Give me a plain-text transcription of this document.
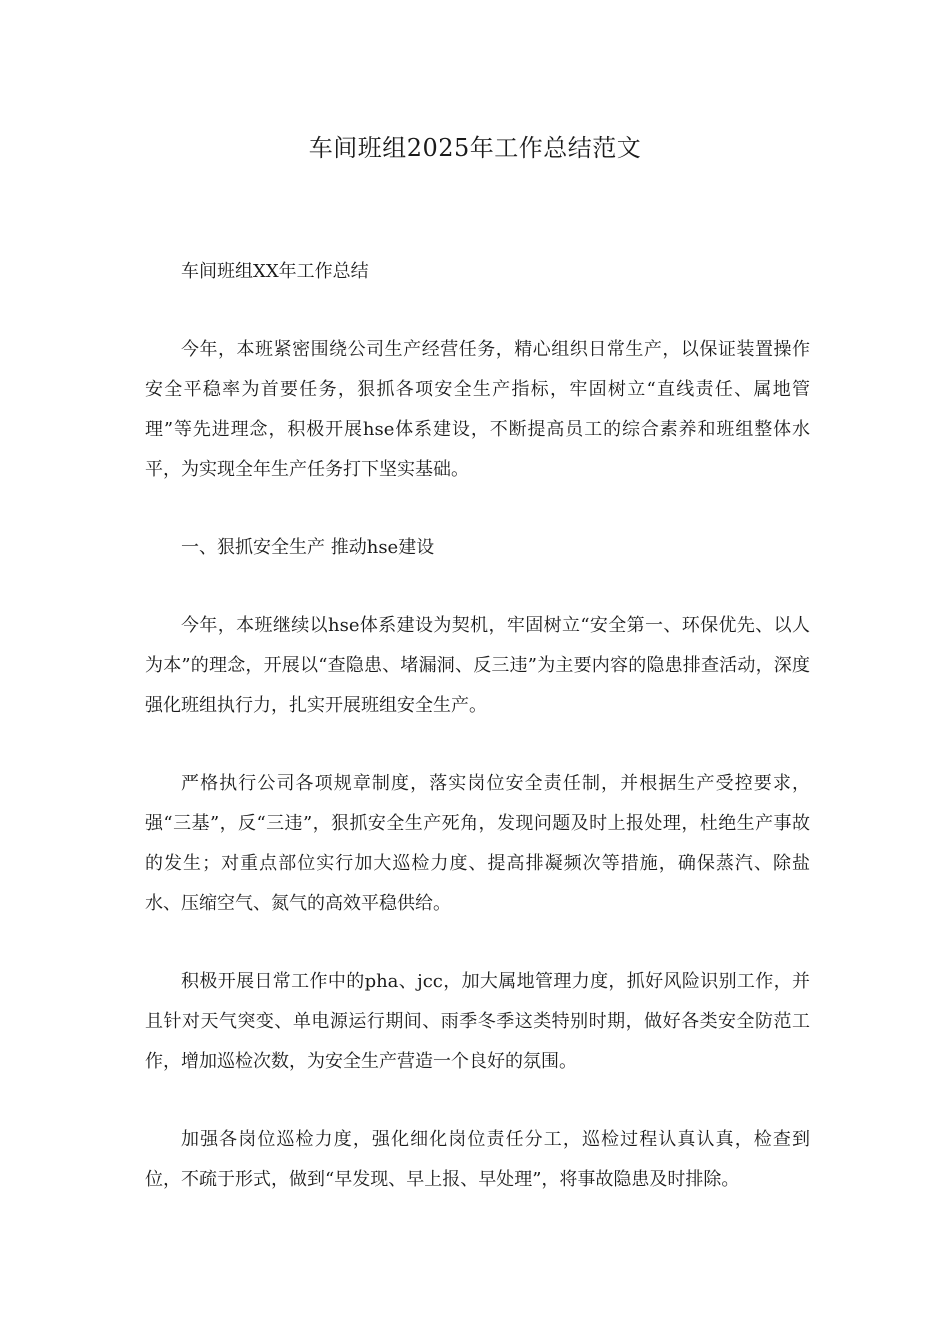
车间班组2025年工作总结范文

车间班组XX年工作总结

今年，本班紧密围绕公司生产经营任务，精心组织日常生产，以保证装置操作安全平稳率为首要任务，狠抓各项安全生产指标，牢固树立“直线责任、属地管理”等先进理念，积极开展hse体系建设，不断提高员工的综合素养和班组整体水平，为实现全年生产任务打下坚实基础。

一、狠抓安全生产 推动hse建设

今年，本班继续以hse体系建设为契机，牢固树立“安全第一、环保优先、以人为本”的理念，开展以“查隐患、堵漏洞、反三违”为主要内容的隐患排查活动，深度强化班组执行力，扎实开展班组安全生产。

严格执行公司各项规章制度，落实岗位安全责任制，并根据生产受控要求，强“三基”，反“三违”，狠抓安全生产死角，发现问题及时上报处理，杜绝生产事故的发生；对重点部位实行加大巡检力度、提高排凝频次等措施，确保蒸汽、除盐水、压缩空气、氮气的高效平稳供给。

积极开展日常工作中的pha、jcc，加大属地管理力度，抓好风险识别工作，并且针对天气突变、单电源运行期间、雨季冬季这类特别时期，做好各类安全防范工作，增加巡检次数，为安全生产营造一个良好的氛围。

加强各岗位巡检力度，强化细化岗位责任分工，巡检过程认真认真，检查到位，不疏于形式，做到“早发现、早上报、早处理”，将事故隐患及时排除。
